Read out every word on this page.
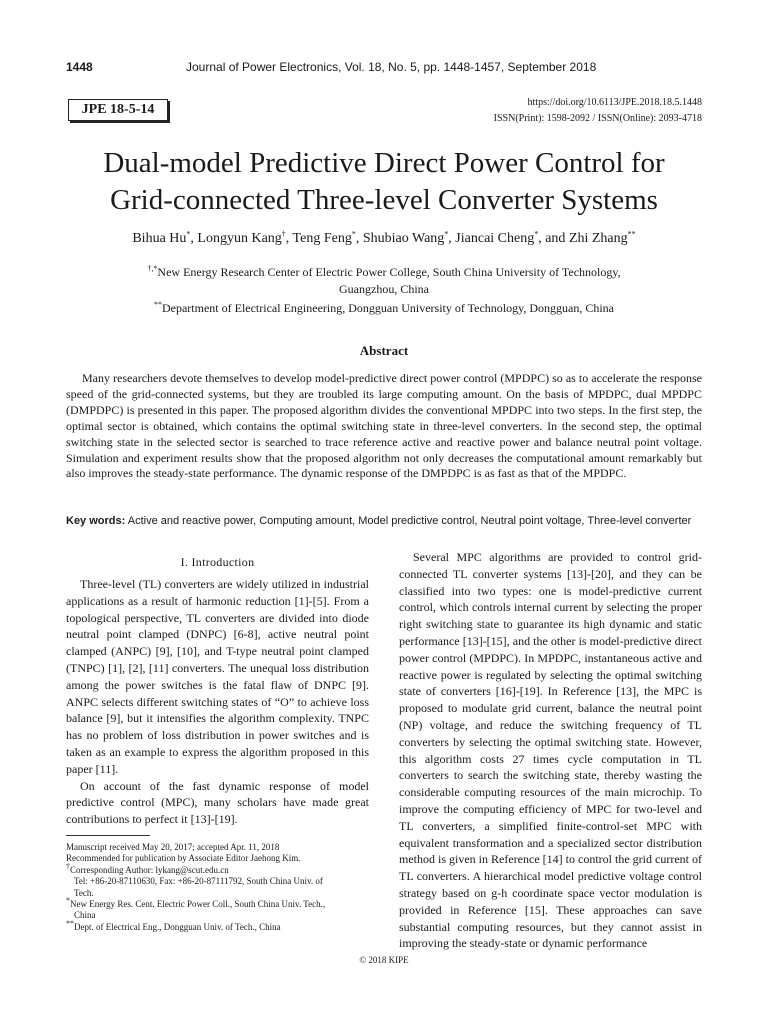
1448	Journal of Power Electronics, Vol. 18, No. 5, pp. 1448-1457, September 2018
JPE 18-5-14	https://doi.org/10.6113/JPE.2018.18.5.1448
ISSN(Print): 1598-2092 / ISSN(Online): 2093-4718
Dual-model Predictive Direct Power Control for
Grid-connected Three-level Converter Systems
Bihua Hu*, Longyun Kang†, Teng Feng*, Shubiao Wang*, Jiancai Cheng*, and Zhi Zhang**
†,*New Energy Research Center of Electric Power College, South China University of Technology,
Guangzhou, China
**Department of Electrical Engineering, Dongguan University of Technology, Dongguan, China
Abstract

Many researchers devote themselves to develop model-predictive direct power control (MPDPC) so as to accelerate the response speed of the grid-connected systems, but they are troubled its large computing amount. On the basis of MPDPC, dual MPDPC (DMPDPC) is presented in this paper. The proposed algorithm divides the conventional MPDPC into two steps. In the first step, the optimal sector is obtained, which contains the optimal switching state in three-level converters. In the second step, the optimal switching state in the selected sector is searched to trace reference active and reactive power and balance neutral point voltage. Simulation and experiment results show that the proposed algorithm not only decreases the computational amount remarkably but also improves the steady-state performance. The dynamic response of the DMPDPC is as fast as that of the MPDPC.

Key words: Active and reactive power, Computing amount, Model predictive control, Neutral point voltage, Three-level converter
I. Introduction

Three-level (TL) converters are widely utilized in industrial applications as a result of harmonic reduction [1]-[5]. From a topological perspective, TL converters are divided into diode neutral point clamped (DNPC) [6-8], active neutral point clamped (ANPC) [9], [10], and T-type neutral point clamped (TNPC) [1], [2], [11] converters. The unequal loss distribution among the power switches is the fatal flaw of DNPC [9]. ANPC selects different switching states of “O” to achieve loss balance [9], but it intensifies the algorithm complexity. TNPC has no problem of loss distribution in power switches and is taken as an example to express the algorithm proposed in this paper [11].

On account of the fast dynamic response of model predictive control (MPC), many scholars have made great contributions to perfect it [13]-[19].

Several MPC algorithms are provided to control grid-connected TL converter systems [13]-[20], and they can be classified into two types: one is model-predictive current control, which controls internal current by selecting the proper right switching state to guarantee its high dynamic and static performance [13]-[15], and the other is model-predictive direct power control (MPDPC). In MPDPC, instantaneous active and reactive power is regulated by selecting the optimal switching state of converters [16]-[19]. In Reference [13], the MPC is proposed to modulate grid current, balance the neutral point (NP) voltage, and reduce the switching frequency of TL converters by selecting the optimal switching state. However, this algorithm costs 27 times cycle computation in TL converters to search the switching state, thereby wasting the considerable computing resources of the main microchip. To improve the computing efficiency of MPC for two-level and TL converters, a simplified finite-control-set MPC with equivalent transformation and a specialized sector distribution method is given in Reference [14] to control the grid current of TL converters. A hierarchical model predictive voltage control strategy based on g-h coordinate space vector modulation is provided in Reference [15]. These approaches can save substantial computing resources, but they cannot assist in improving the steady-state or dynamic performance

Manuscript received May 20, 2017; accepted Apr. 11, 2018

Recommended for publication by Associate Editor Jaehong Kim.

†Corresponding Author: lykang@scut.edu.cn

Tel: +86-20-87110630, Fax: +86-20-87111792, South China Univ. of

Tech.

*New Energy Res. Cent. Electric Power Coll., South China Univ. Tech.,

China

**Dept. of Electrical Eng., Dongguan Univ. of Tech., China

© 2018 KIPE
